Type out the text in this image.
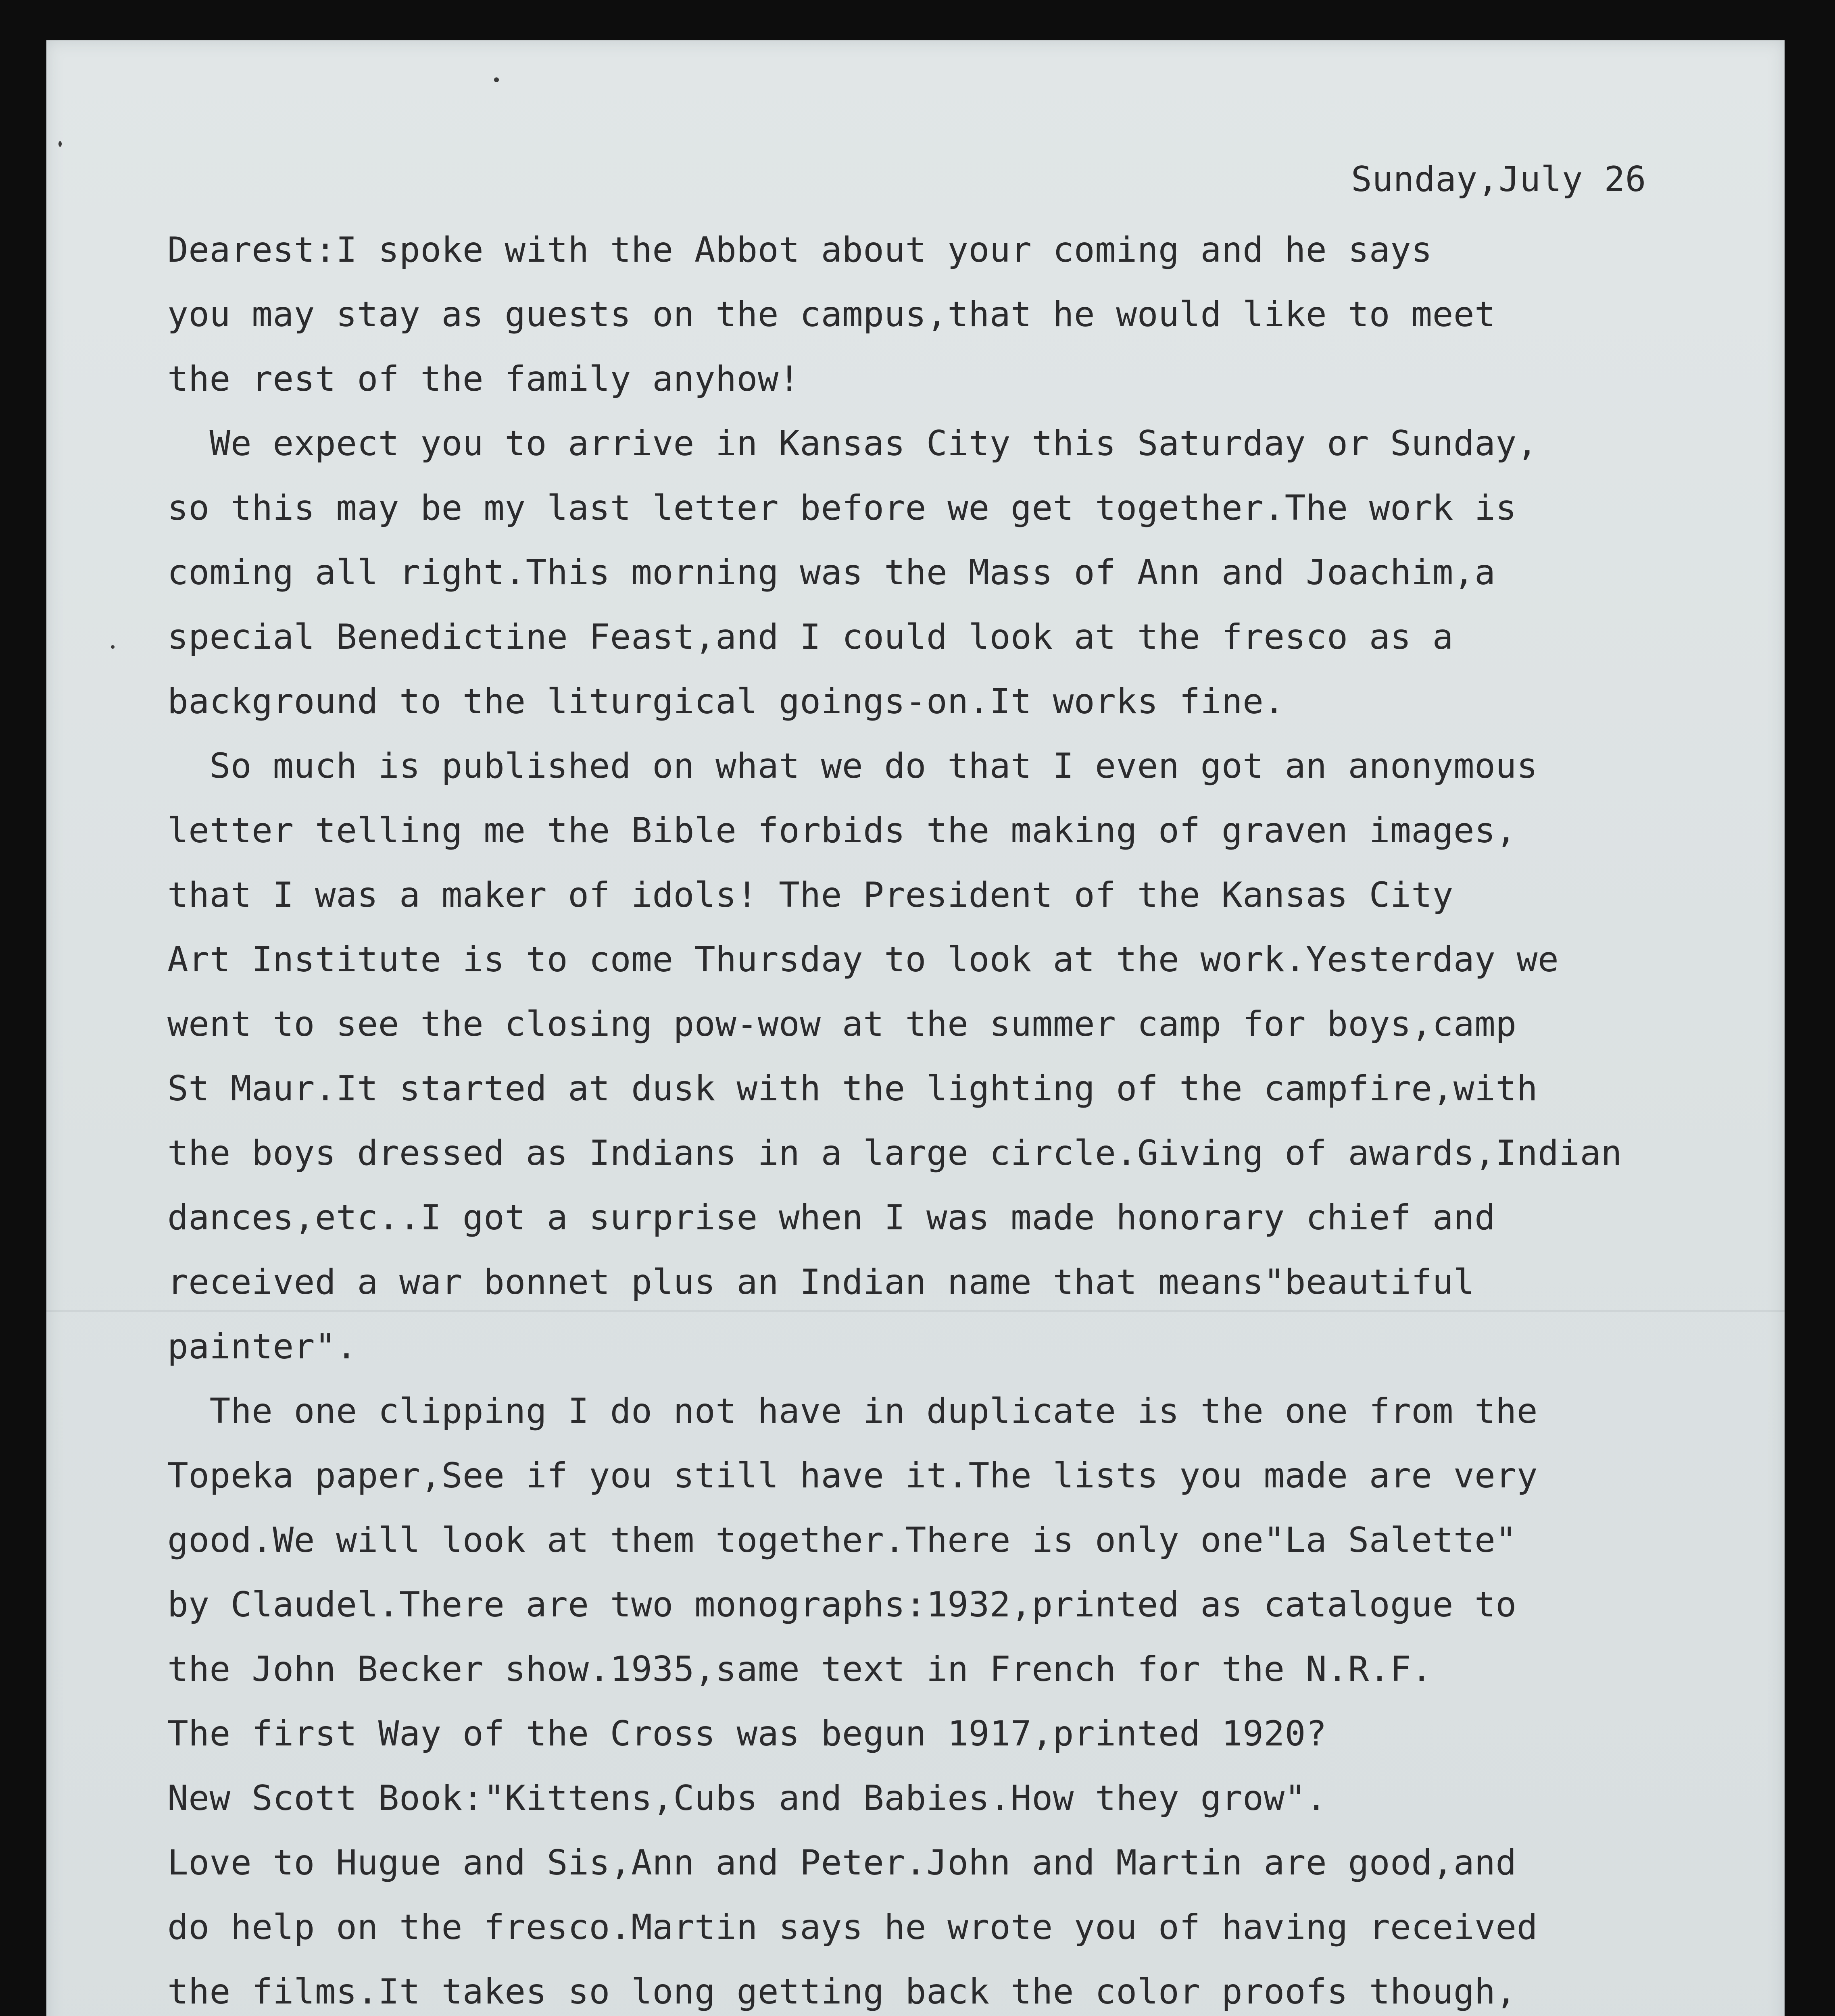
Sunday,July 26
Dearest:I spoke with the Abbot about your coming and he says
you may stay as guests on the campus,that he would like to meet
the rest of the family anyhow!
We expect you to arrive in Kansas City this Saturday or Sunday,
so this may be my last letter before we get together.The work is
coming all right.This morning was the Mass of Ann and Joachim,a
special Benedictine Feast,and I could look at the fresco as a
background to the liturgical goings-on.It works fine.
So much is published on what we do that I even got an anonymous
letter telling me the Bible forbids the making of graven images,
that I was a maker of idols! The President of the Kansas City
Art Institute is to come Thursday to look at the work.Yesterday we
went to see the closing pow-wow at the summer camp for boys,camp
St Maur.It started at dusk with the lighting of the campfire,with
the boys dressed as Indians in a large circle.Giving of awards,Indian
dances,etc..I got a surprise when I was made honorary chief and
received a war bonnet plus an Indian name that means"beautiful
painter".
The one clipping I do not have in duplicate is the one from the
Topeka paper,See if you still have it.The lists you made are very
good.We will look at them together.There is only one"La Salette"
by Claudel.There are two monographs:1932,printed as catalogue to
the John Becker show.1935,same text in French for the N.R.F.
The first Way of the Cross was begun 1917,printed 1920?
New Scott Book:"Kittens,Cubs and Babies.How they grow".
Love to Hugue and Sis,Ann and Peter.John and Martin are good,and
do help on the fresco.Martin says he wrote you of having received
the films.It takes so long getting back the color proofs though,
